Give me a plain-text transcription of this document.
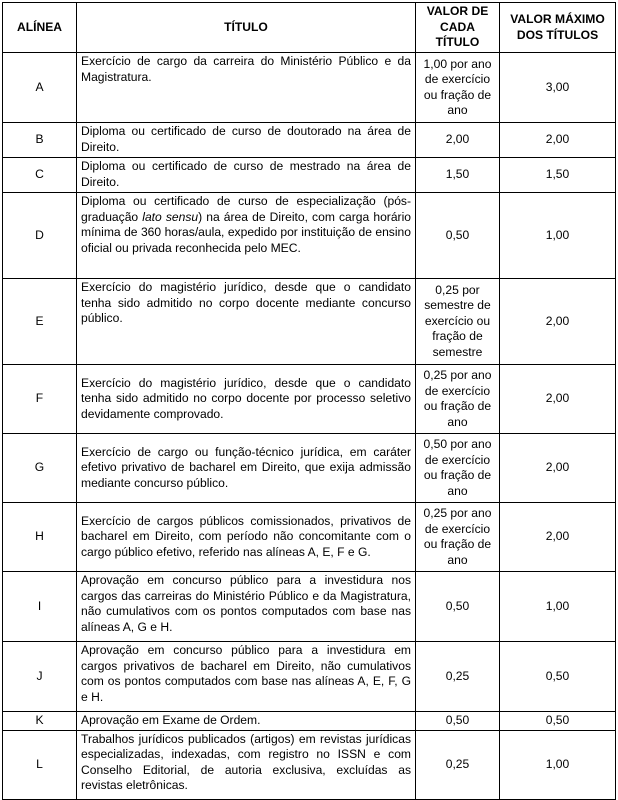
ALÍNEA	TÍTULO	VALOR DE CADA TÍTULO	VALOR MÁXIMO DOS TÍTULOS
A	Exercício de cargo da carreira do Ministério Público e da Magistratura.	1,00 por ano de exercício ou fração de ano	3,00
B	Diploma ou certificado de curso de doutorado na área de Direito.	2,00	2,00
C	Diploma ou certificado de curso de mestrado na área de Direito.	1,50	1,50
D	Diploma ou certificado de curso de especialização (pós-graduação lato sensu) na área de Direito, com carga horário mínima de 360 horas/aula, expedido por instituição de ensino oficial ou privada reconhecida pelo MEC.	0,50	1,00
E	Exercício do magistério jurídico, desde que o candidato tenha sido admitido no corpo docente mediante concurso público.	0,25 por semestre de exercício ou fração de semestre	2,00
F	Exercício do magistério jurídico, desde que o candidato tenha sido admitido no corpo docente por processo seletivo devidamente comprovado.	0,25 por ano de exercício ou fração de ano	2,00
G	Exercício de cargo ou função-técnico jurídica, em caráter efetivo privativo de bacharel em Direito, que exija admissão mediante concurso público.	0,50 por ano de exercício ou fração de ano	2,00
H	Exercício de cargos públicos comissionados, privativos de bacharel em Direito, com período não concomitante com o cargo público efetivo, referido nas alíneas A, E, F e G.	0,25 por ano de exercício ou fração de ano	2,00
I	Aprovação em concurso público para a investidura nos cargos das carreiras do Ministério Público e da Magistratura, não cumulativos com os pontos computados com base nas alíneas A, G e H.	0,50	1,00
J	Aprovação em concurso público para a investidura em cargos privativos de bacharel em Direito, não cumulativos com os pontos computados com base nas alíneas A, E, F, G e H.	0,25	0,50
K	Aprovação em Exame de Ordem.	0,50	0,50
L	Trabalhos jurídicos publicados (artigos) em revistas jurídicas especializadas, indexadas, com registro no ISSN e com Conselho Editorial, de autoria exclusiva, excluídas as revistas eletrônicas.	0,25	1,00
